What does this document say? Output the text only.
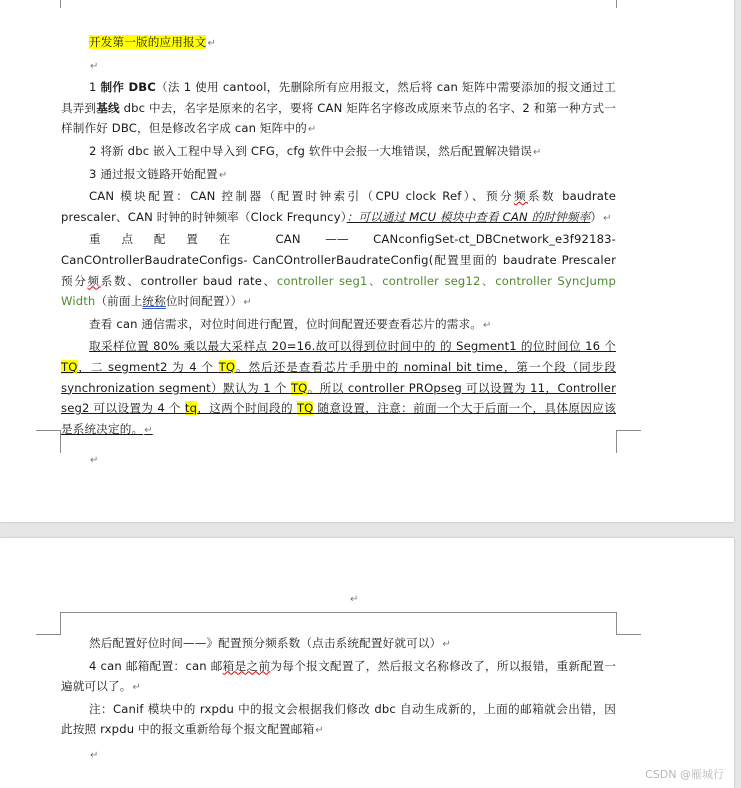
开发第一版的应用报文↵

↵

1 制作 DBC（法 1 使用 cantool，先删除所有应用报文，然后将 can 矩阵中需要添加的报文通过工具弄到基线 dbc 中去，名字是原来的名字，要将 CAN 矩阵名字修改成原来节点的名字、2 和第一种方式一样制作好 DBC，但是修改名字成 can 矩阵中的↵

2 将新 dbc 嵌入工程中导入到 CFG，cfg 软件中会报一大堆错误，然后配置解决错误↵

3 通过报文链路开始配置↵

CAN 模块配置：CAN 控制器（配置时钟索引（CPU clock Ref）、预分频系数 baudrate prescaler、CAN 时钟的时钟频率（Clock Frequncy）：可以通过 MCU 模块中查看 CAN 的时钟频率）↵

重点配置在 CAN —— CANconfigSet-ct_DBCnetwork_e3f92183-CanCOntrollerBaudrateConfigs- CanCOntrollerBaudrateConfig(配置里面的 baudrate Prescaler 预分频系数、controller baud rate、controller seg1、controller seg12、controller SyncJump Width（前面上统称位时间配置））↵

查看 can 通信需求，对位时间进行配置，位时间配置还要查看芯片的需求。↵

取采样位置 80% 乘以最大采样点 20=16.故可以得到位时间中的 的 Segment1 的位时间位 16 个 TQ，二 segment2 为 4 个 TQ。然后还是查看芯片手册中的 nominal bit time，第一个段（同步段 synchronization segment）默认为 1 个 TQ。所以 controller PROpseg 可以设置为 11，Controller seg2 可以设置为 4 个 tq，这两个时间段的 TQ 随意设置，注意：前面一个大于后面一个，具体原因应该是系统决定的。↵

↵

↵

然后配置好位时间——》配置预分频系数（点击系统配置好就可以）↵

4 can 邮箱配置：can 邮箱是之前为每个报文配置了，然后报文名称修改了，所以报错，重新配置一遍就可以了。↵

注：Canif 模块中的 rxpdu 中的报文会根据我们修改 dbc 自动生成新的，上面的邮箱就会出错，因此按照 rxpdu 中的报文重新给每个报文配置邮箱↵

↵

CSDN @雁城行
